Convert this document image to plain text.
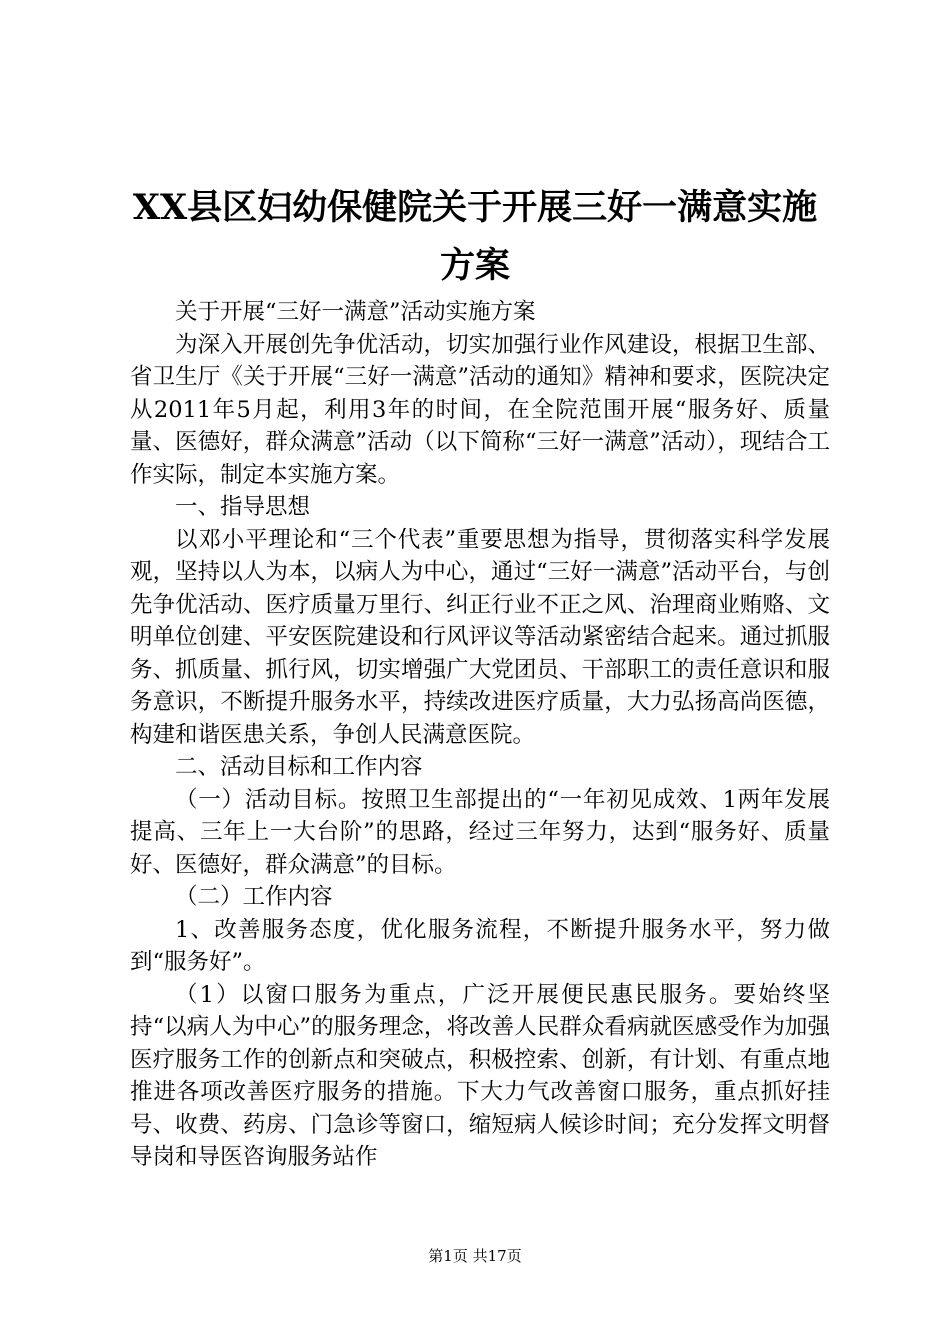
XX县区妇幼保健院关于开展三好一满意实施
方案

关于开展“三好一满意”活动实施方案

为深入开展创先争优活动，切实加强行业作风建设，根据卫生部、省卫生厅《关于开展“三好一满意”活动的通知》精神和要求，医院决定从2011年5月起，利用3年的时间，在全院范围开展“服务好、质量量、医德好，群众满意”活动（以下简称“三好一满意”活动），现结合工作实际，制定本实施方案。

一、指导思想

以邓小平理论和“三个代表”重要思想为指导，贯彻落实科学发展观，坚持以人为本，以病人为中心，通过“三好一满意”活动平台，与创先争优活动、医疗质量万里行、纠正行业不正之风、治理商业贿赂、文明单位创建、平安医院建设和行风评议等活动紧密结合起来。通过抓服务、抓质量、抓行风，切实增强广大党团员、干部职工的责任意识和服务意识，不断提升服务水平，持续改进医疗质量，大力弘扬高尚医德，构建和谐医患关系，争创人民满意医院。

二、活动目标和工作内容

（一）活动目标。按照卫生部提出的“一年初见成效、1两年发展提高、三年上一大台阶”的思路，经过三年努力，达到“服务好、质量好、医德好，群众满意”的目标。

（二）工作内容

1、改善服务态度，优化服务流程，不断提升服务水平，努力做到“服务好”。

（1）以窗口服务为重点，广泛开展便民惠民服务。要始终坚持“以病人为中心”的服务理念，将改善人民群众看病就医感受作为加强医疗服务工作的创新点和突破点，积极控索、创新，有计划、有重点地推进各项改善医疗服务的措施。下大力气改善窗口服务，重点抓好挂号、收费、药房、门急诊等窗口，缩短病人候诊时间；充分发挥文明督导岗和导医咨询服务站作

第1页 共17页
